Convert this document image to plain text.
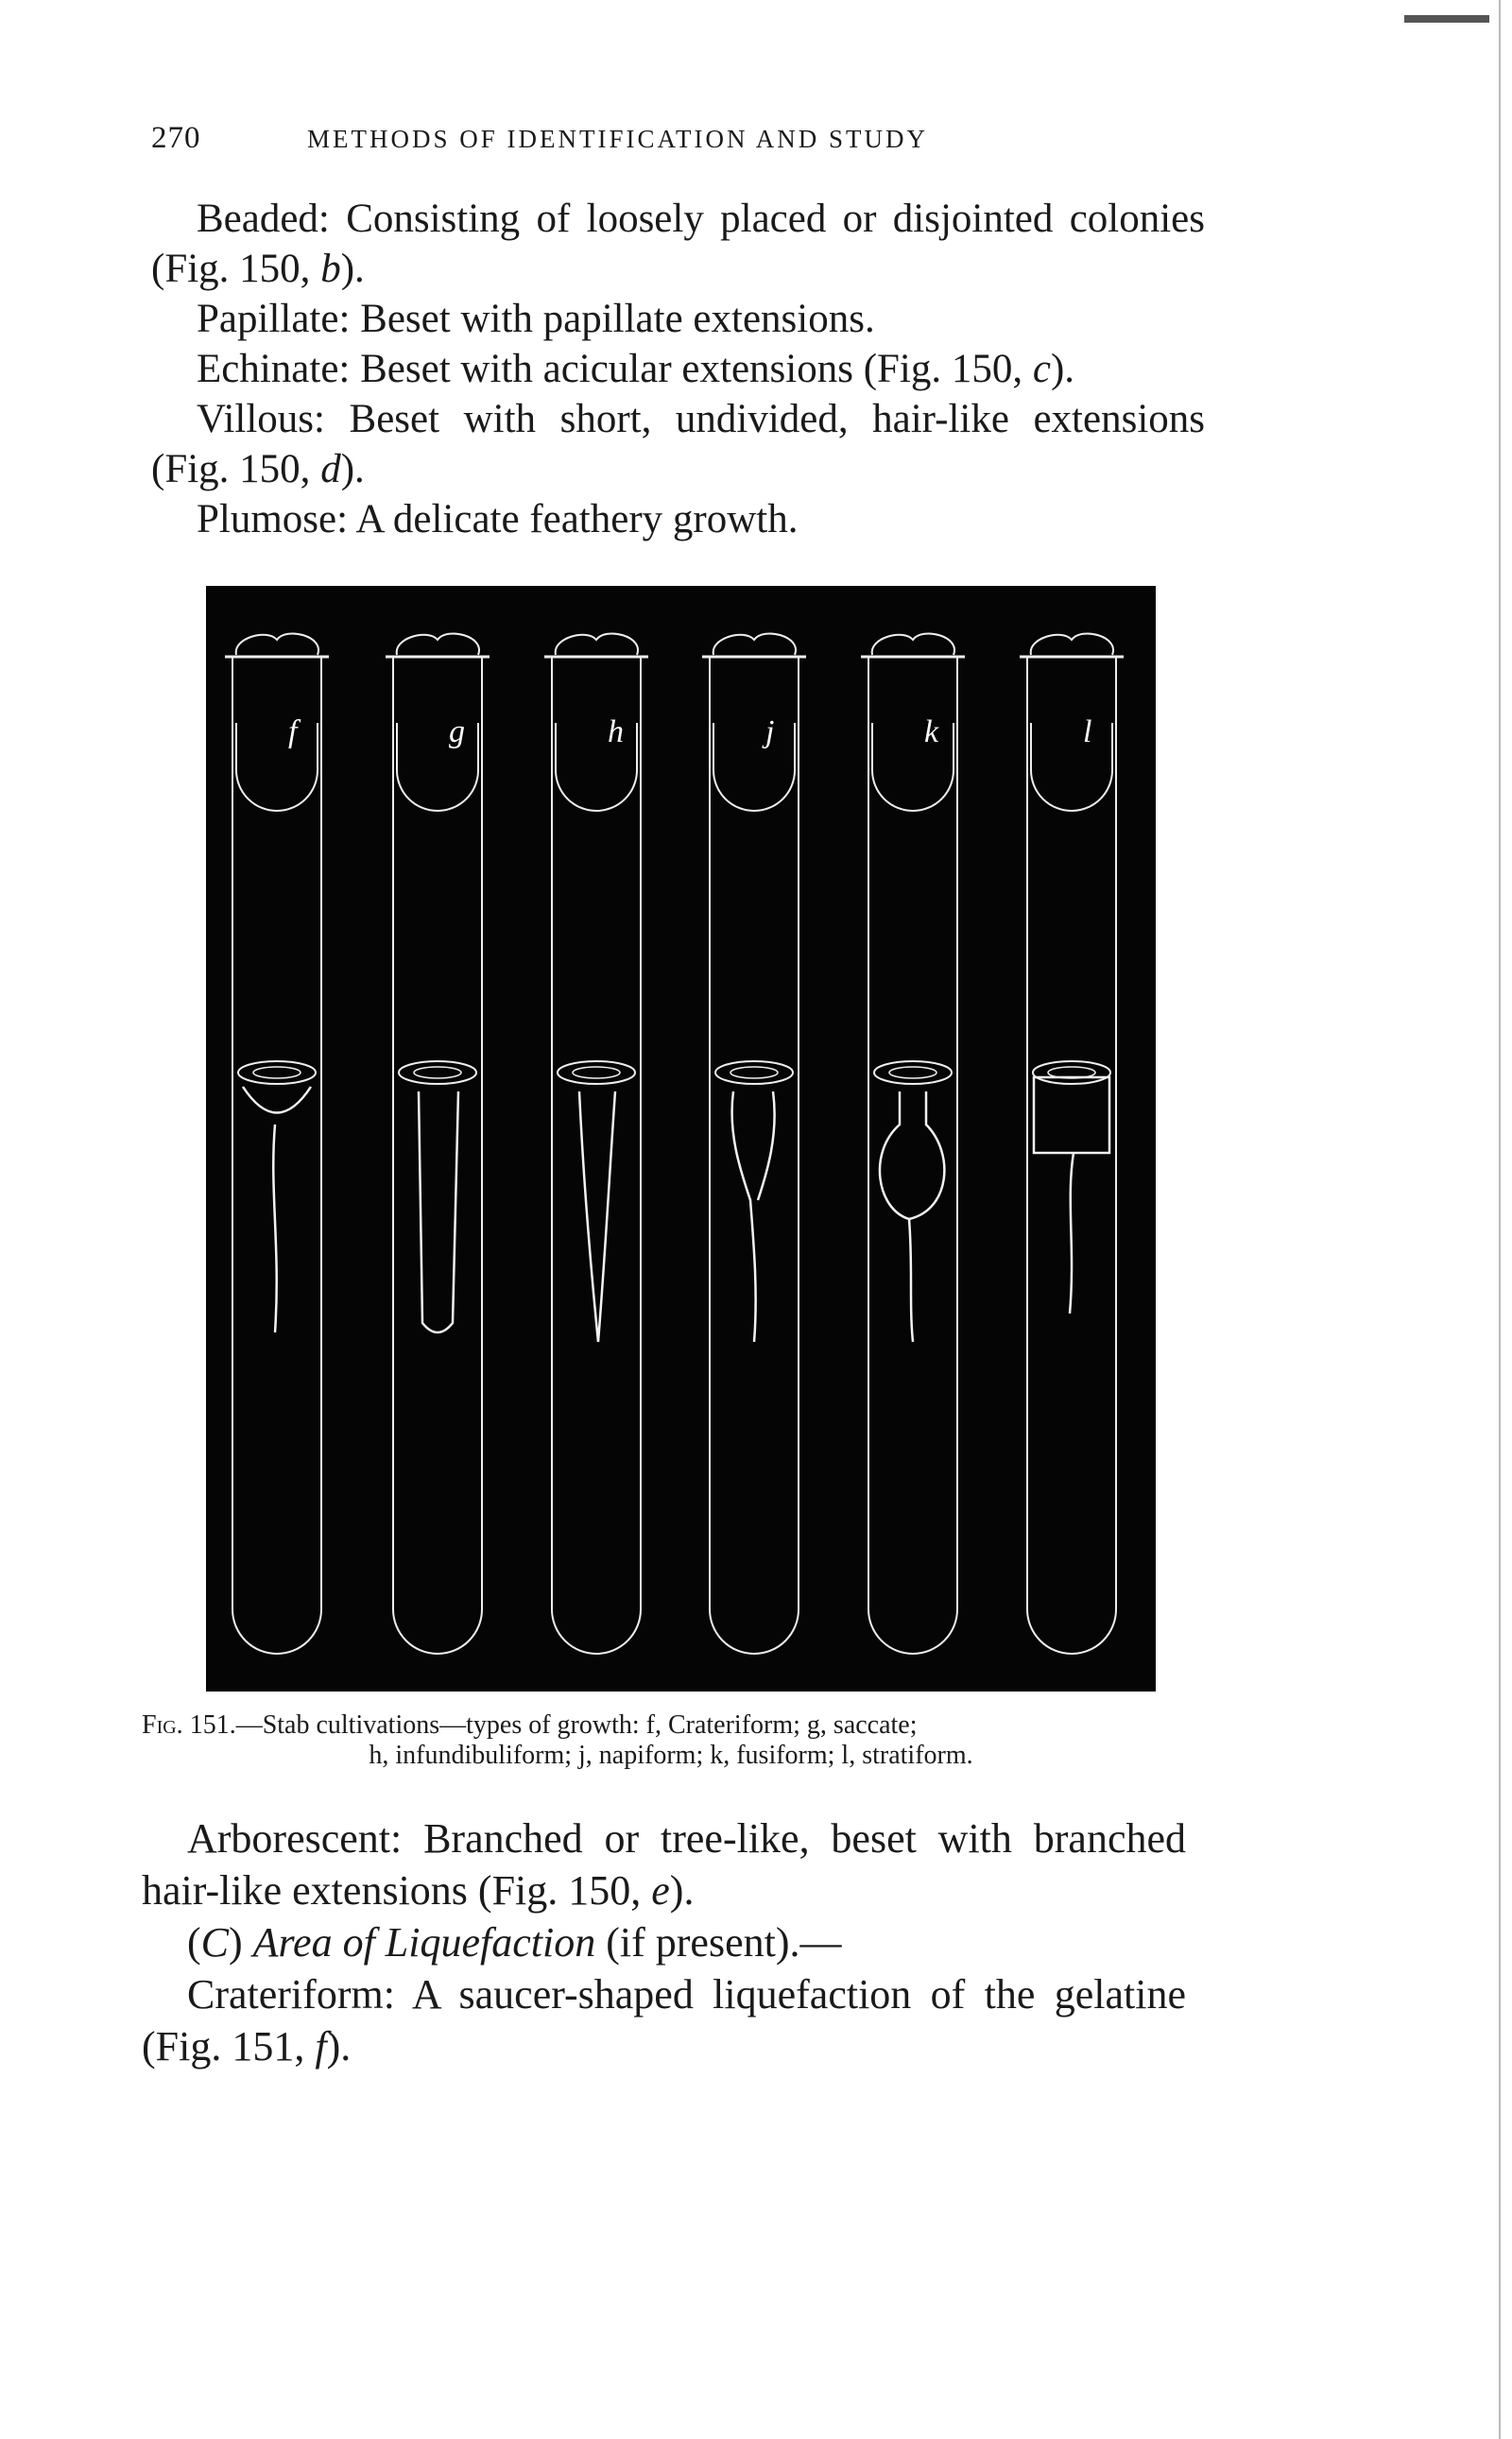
270	METHODS OF IDENTIFICATION AND STUDY

Beaded: Consisting of loosely placed or disjointed colonies (Fig. 150, b).

Papillate: Beset with papillate extensions.

Echinate: Beset with acicular extensions (Fig. 150, c).

Villous: Beset with short, undivided, hair-like extensions (Fig. 150, d).

Plumose: A delicate feathery growth.

f	g	h	j	k	l
Fig. 151.—Stab cultivations—types of growth: f, Crateriform; g, saccate;
h, infundibuliform; j, napiform; k, fusiform; l, stratiform.

Arborescent: Branched or tree-like, beset with branched hair-like extensions (Fig. 150, e).

(C) Area of Liquefaction (if present).—

Crateriform: A saucer-shaped liquefaction of the gelatine (Fig. 151, f).
